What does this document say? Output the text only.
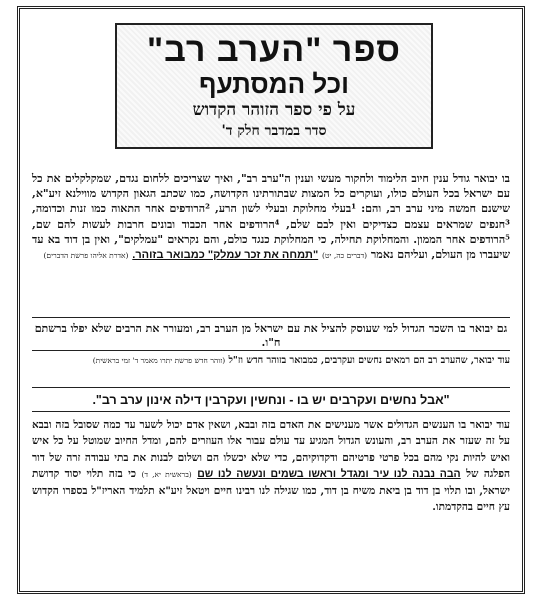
ספר "הערב רב"
וכל המסתעף
על פי ספר הזוהר הקדוש
סדר במדבר חלק ד'

בו יבואר גודל ענין חיוב הלימוד ולחקור מעשי וענין ה"ערב רב", ואיך שצריכים ללחום נגדם, שמקלקלים את כל עם ישראל בכל העולם כולו, ועוקרים כל המצות שבתורתינו הקדושה, כמו שכתב הגאון הקדוש מווילנא זיע"א, שישנם חמשה מיני ערב רב, והם: ¹בעלי מחלוקת ובעלי לשון הרע, ²הרודפים אחר התאוה כמו זנות וכדומה, ³חנפים שמראים עצמם כצדיקים ואין לבם שלם, ⁴הרודפים אחר הכבוד ובונים חרבות לעשות להם שם, ⁵הרודפים אחר הממון. והמחלוקת תחילה, כי המחלוקת כנגד כולם, והם נקראים "עמלקים", ואין בן דוד בא עד שיעברו מן העולם, ועליהם נאמר (דברים כה, יט) "תמחה את זכר עמלק" כמבואר בזוהר. (אדרת אליהו פרשת הדברים)

גם יבואר בו השכר הגדול למי שעוסק להציל את עם ישראל מן הערב רב, ומעורר את הרבים שלא יפלו ברשתם ח"ו.

עוד יבואר, שהערב רב הם רמאים נחשים ועקרבים, כמבואר בזוהר חדש וז"ל (זוהר חדש פרשת יתרו מאמר ד' זמי בראשית)

"אבל נחשים ועקרבים יש בו - ונחשין ועקרבין דילה אינון ערב רב".

עוד יבואר בו הענשים הגדולים אשר מענישים את האדם בזה ובבא, ושאין אדם יכול לשער עד כמה שסובל בזה ובבא על זה שעזר את הערב רב, והעונש הגדול המגיע עד עולם עבור אלו העוזרים להם, ומדל החיוב שמוטל על כל איש ואיש להיות נקי מהם בכל פרטי פרטיהם ודקדוקיהם, כדי שלא יכשלו הם ושלום לבנות את בתי עבודה זרה של דור הפלגה של הבה נבנה לנו עיר ומגדל וראשו בשמים ונעשה לנו שם (בראשית יא, ד) כי בזה תלוי יסוד קדושת ישראל, ובו תלוי בן דוד בן ביאת משיח בן דוד, כמו שגילה לנו רבינו חיים ויטאל זיע"א תלמיד האריז"ל בספרו הקדוש עץ חיים בהקדמתו.
